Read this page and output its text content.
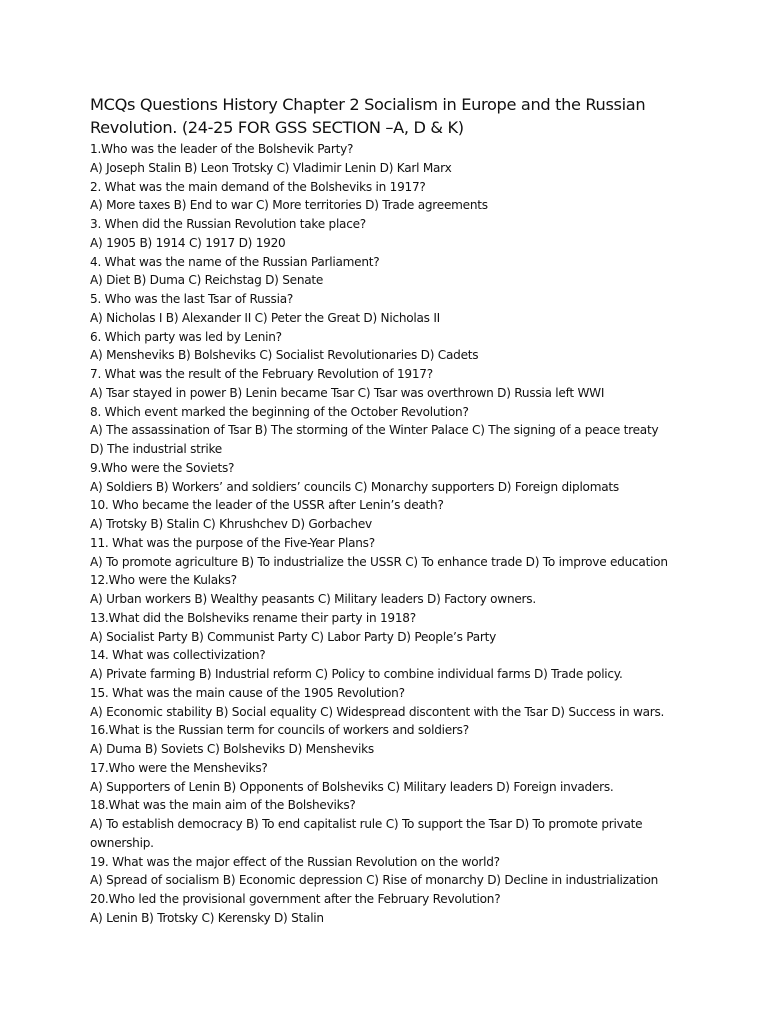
MCQs Questions History Chapter 2 Socialism in Europe and the Russian Revolution. (24-25 FOR GSS SECTION –A, D & K)
1.Who was the leader of the Bolshevik Party?
A) Joseph Stalin B) Leon Trotsky C) Vladimir Lenin D) Karl Marx
2. What was the main demand of the Bolsheviks in 1917?
A) More taxes B) End to war C) More territories D) Trade agreements
3. When did the Russian Revolution take place?
A) 1905 B) 1914 C) 1917 D) 1920
4. What was the name of the Russian Parliament?
A) Diet B) Duma C) Reichstag D) Senate
5. Who was the last Tsar of Russia?
A) Nicholas I B) Alexander II C) Peter the Great D) Nicholas II
6. Which party was led by Lenin?
A) Mensheviks B) Bolsheviks C) Socialist Revolutionaries D) Cadets
7. What was the result of the February Revolution of 1917?
A) Tsar stayed in power B) Lenin became Tsar C) Tsar was overthrown D) Russia left WWI
8. Which event marked the beginning of the October Revolution?
A) The assassination of Tsar B) The storming of the Winter Palace C) The signing of a peace treaty
D) The industrial strike
9.Who were the Soviets?
A) Soldiers B) Workers’ and soldiers’ councils C) Monarchy supporters D) Foreign diplomats
10. Who became the leader of the USSR after Lenin’s death?
A) Trotsky B) Stalin C) Khrushchev D) Gorbachev
11. What was the purpose of the Five-Year Plans?
A) To promote agriculture B) To industrialize the USSR C) To enhance trade D) To improve education
12.Who were the Kulaks?
A) Urban workers B) Wealthy peasants C) Military leaders D) Factory owners.
13.What did the Bolsheviks rename their party in 1918?
A) Socialist Party B) Communist Party C) Labor Party D) People’s Party
14. What was collectivization?
A) Private farming B) Industrial reform C) Policy to combine individual farms D) Trade policy.
15. What was the main cause of the 1905 Revolution?
A) Economic stability B) Social equality C) Widespread discontent with the Tsar D) Success in wars.
16.What is the Russian term for councils of workers and soldiers?
A) Duma B) Soviets C) Bolsheviks D) Mensheviks
17.Who were the Mensheviks?
A) Supporters of Lenin B) Opponents of Bolsheviks C) Military leaders D) Foreign invaders.
18.What was the main aim of the Bolsheviks?
A) To establish democracy B) To end capitalist rule C) To support the Tsar D) To promote private
ownership.
19. What was the major effect of the Russian Revolution on the world?
A) Spread of socialism B) Economic depression C) Rise of monarchy D) Decline in industrialization
20.Who led the provisional government after the February Revolution?
A) Lenin B) Trotsky C) Kerensky D) Stalin
